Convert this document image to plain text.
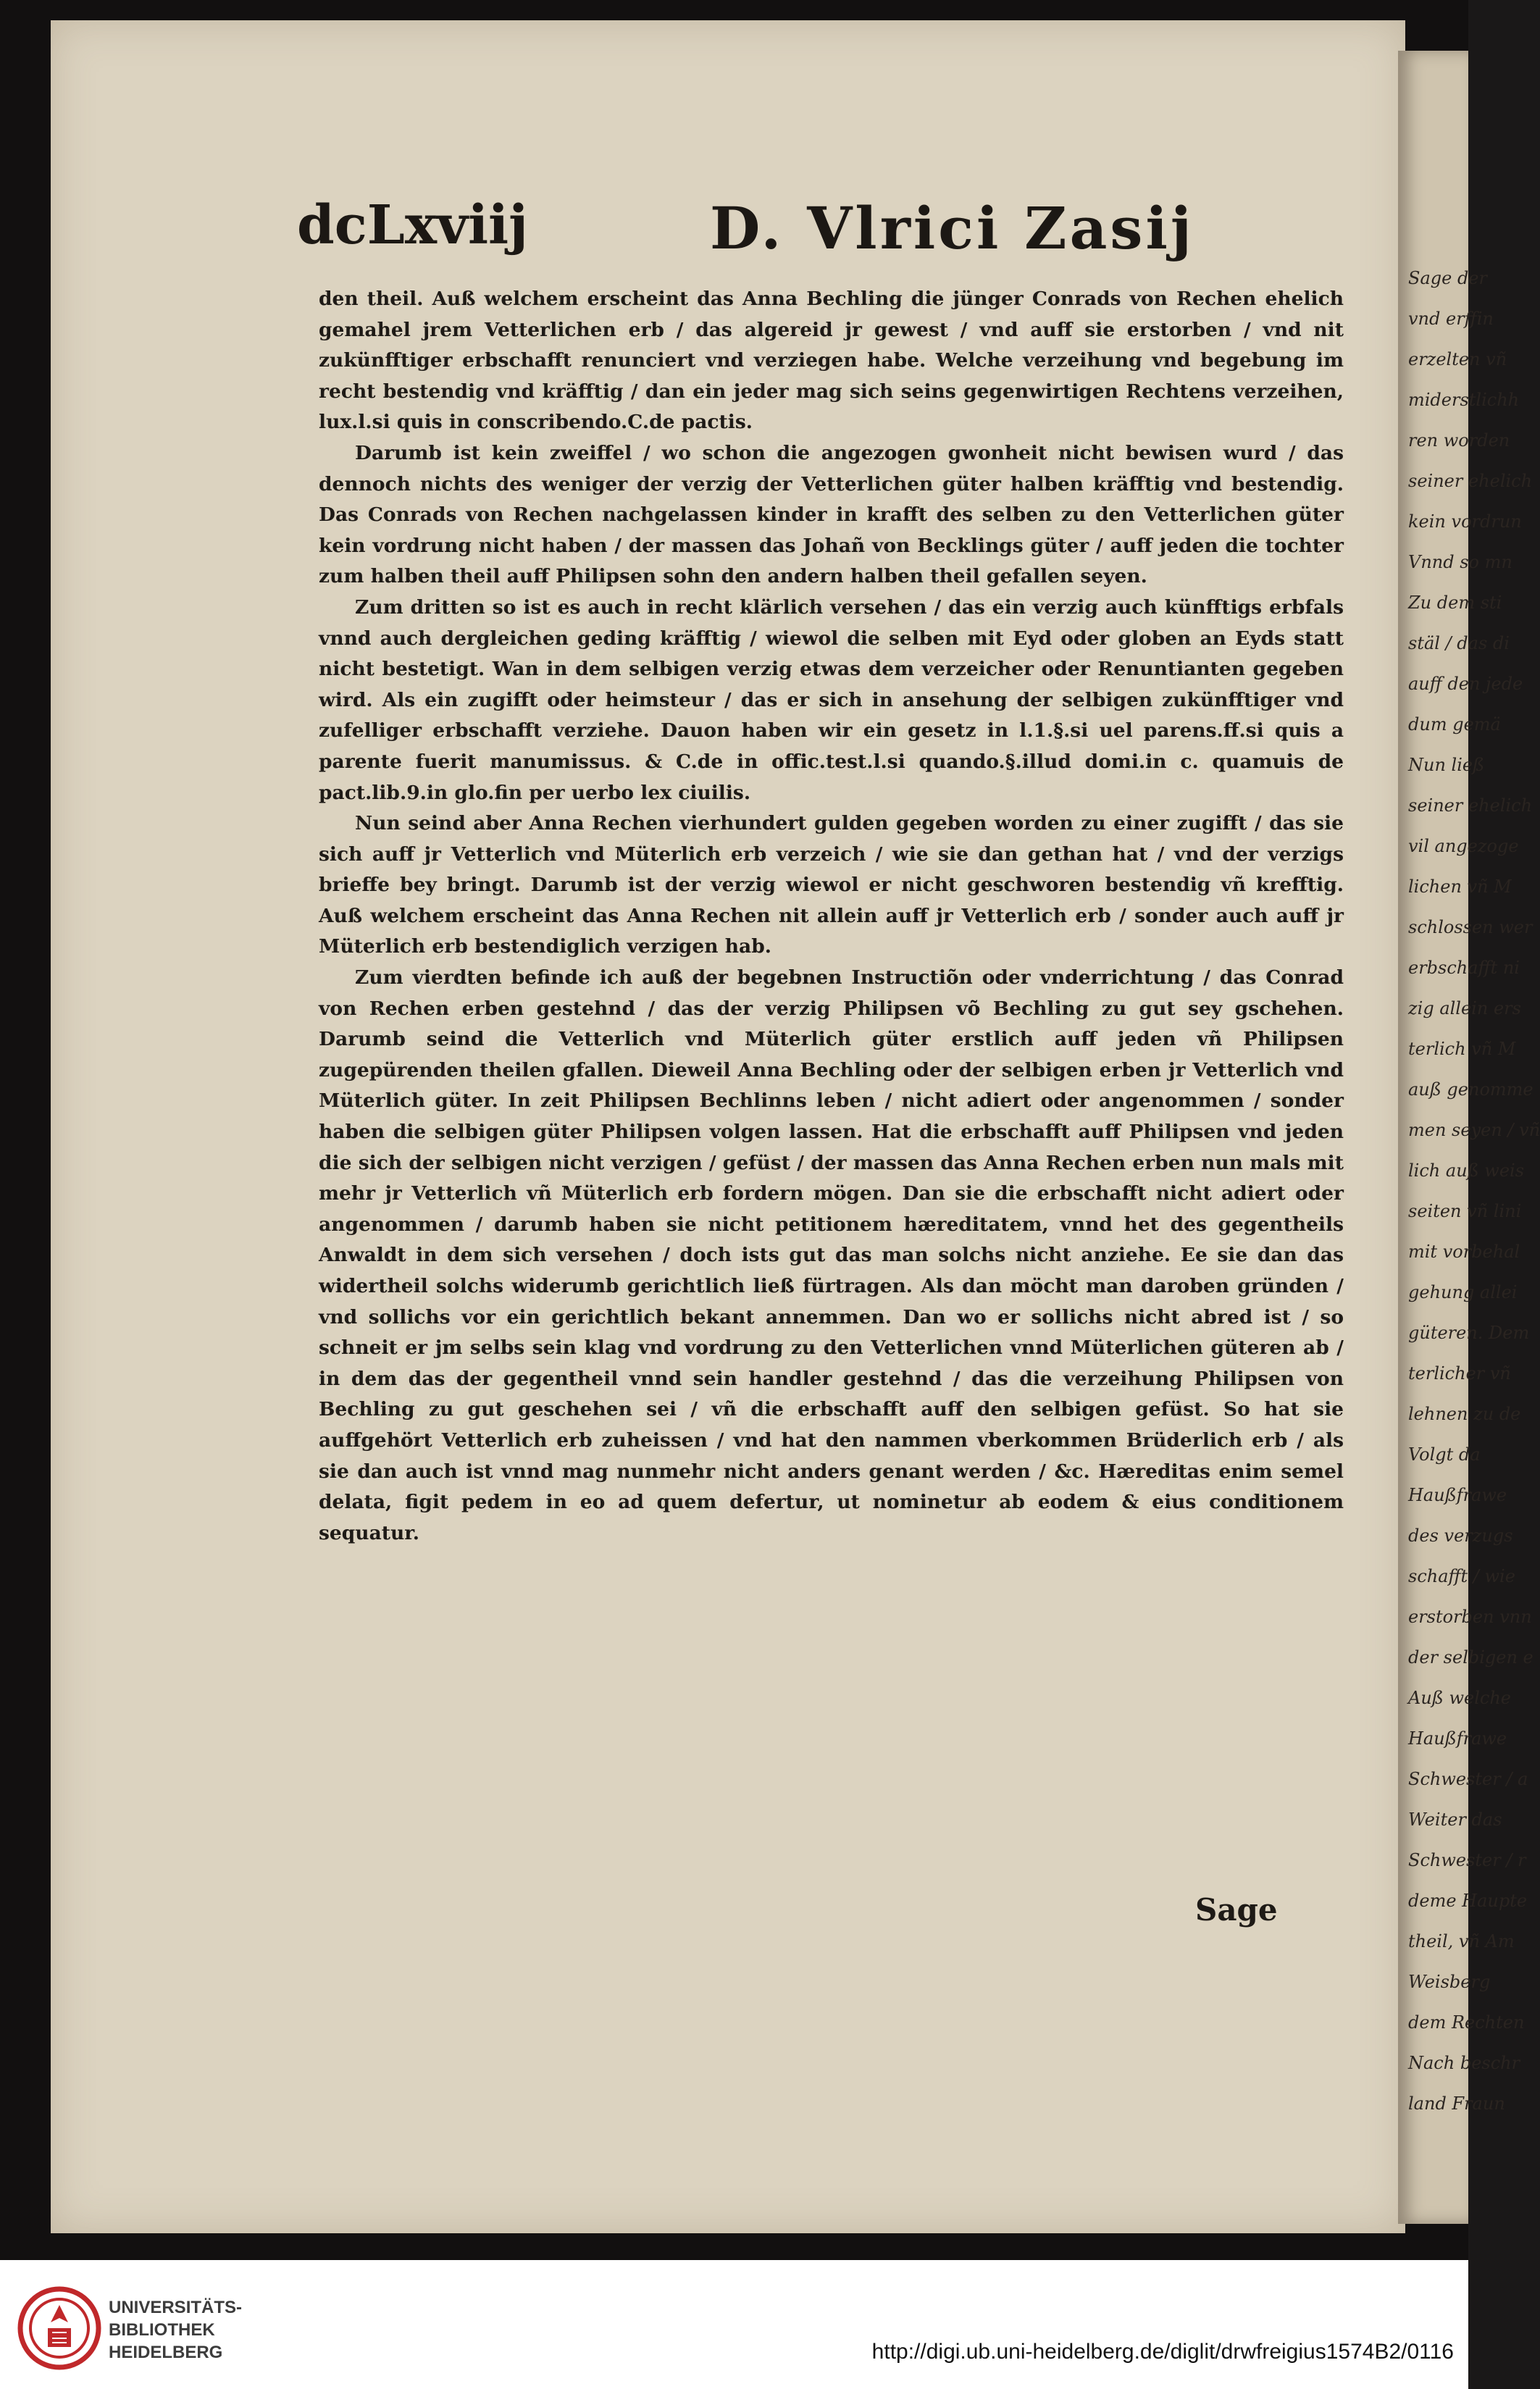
Sage der
vnd erffin
erzelten vñ
miderstlichh
ren worden
seiner ehelich
kein vordrun
Vnnd so mn
Zu dem sti
stäl / das di
auff den jede
dum gemä
Nun ließ
seiner ehelich
vil angezoge
lichen vñ M
schlossen wer
erbschafft ni
zig allein ers
terlich vñ M
auß genomme
men seyen / vñ
lich auß weis
seiten vñ lini
mit vorbehal
gehung allei
güteren. Dem
terlicher vñ
lehnen zu de
Volgt da
Haußfrawe
des verzugs
schafft / wie
erstorben vnn
der selbigen e
Auß welche
Haußfrawe
Schwester / a
Weiter das
Schwester / r
deme Haupte
theil, vñ Am
Weisberg
dem Rechten
Nach beschr
land Fraun
dcLxviij	D. Vlrici Zasij

den theil. Auß welchem erscheint das Anna Bechling die jünger Conrads von Rechen ehelich gemahel jrem Vetterlichen erb / das algereid jr gewest / vnd auff sie erstorben / vnd nit zukünfftiger erbschafft renunciert vnd verziegen habe. Welche verzeihung vnd begebung im recht bestendig vnd kräfftig / dan ein jeder mag sich seins gegenwirtigen Rechtens verzeihen, lux.l.si quis in conscribendo.C.de pactis.

Darumb ist kein zweiffel / wo schon die angezogen gwonheit nicht bewisen wurd / das dennoch nichts des weniger der verzig der Vetterlichen güter halben kräfftig vnd bestendig. Das Conrads von Rechen nachgelassen kinder in krafft des selben zu den Vetterlichen güter kein vordrung nicht haben / der massen das Johañ von Becklings güter / auff jeden die tochter zum halben theil auff Philipsen sohn den andern halben theil gefallen seyen.

Zum dritten so ist es auch in recht klärlich versehen / das ein verzig auch künfftigs erbfals vnnd auch dergleichen geding kräfftig / wiewol die selben mit Eyd oder globen an Eyds statt nicht bestetigt. Wan in dem selbigen verzig etwas dem verzeicher oder Renuntianten gegeben wird. Als ein zugifft oder heimsteur / das er sich in ansehung der selbigen zukünfftiger vnd zufelliger erbschafft verziehe. Dauon haben wir ein gesetz in l.1.§.si uel parens.ff.si quis a parente fuerit manumissus. & C.de in offic.test.l.si quando.§.illud domi.in c. quamuis de pact.lib.9.in glo.fin per uerbo lex ciuilis.

Nun seind aber Anna Rechen vierhundert gulden gegeben worden zu einer zugifft / das sie sich auff jr Vetterlich vnd Müterlich erb verzeich / wie sie dan gethan hat / vnd der verzigs brieffe bey bringt. Darumb ist der verzig wiewol er nicht geschworen bestendig vñ krefftig. Auß welchem erscheint das Anna Rechen nit allein auff jr Vetterlich erb / sonder auch auff jr Müterlich erb bestendiglich verzigen hab.

Zum vierdten befinde ich auß der begebnen Instructiõn oder vnderrichtung / das Conrad von Rechen erben gestehnd / das der verzig Philipsen võ Bechling zu gut sey gschehen. Darumb seind die Vetterlich vnd Müterlich güter erstlich auff jeden vñ Philipsen zugepürenden theilen gfallen. Dieweil Anna Bechling oder der selbigen erben jr Vetterlich vnd Müterlich güter. In zeit Philipsen Bechlinns leben / nicht adiert oder angenommen / sonder haben die selbigen güter Philipsen volgen lassen. Hat die erbschafft auff Philipsen vnd jeden die sich der selbigen nicht verzigen / gefüst / der massen das Anna Rechen erben nun mals mit mehr jr Vetterlich vñ Müterlich erb fordern mögen. Dan sie die erbschafft nicht adiert oder angenommen / darumb haben sie nicht petitionem hæreditatem, vnnd het des gegentheils Anwaldt in dem sich versehen / doch ists gut das man solchs nicht anziehe. Ee sie dan das widertheil solchs widerumb gerichtlich ließ fürtragen. Als dan möcht man daroben gründen / vnd sollichs vor ein gerichtlich bekant annemmen. Dan wo er sollichs nicht abred ist / so schneit er jm selbs sein klag vnd vordrung zu den Vetterlichen vnnd Müterlichen güteren ab / in dem das der gegentheil vnnd sein handler gestehnd / das die verzeihung Philipsen von Bechling zu gut geschehen sei / vñ die erbschafft auff den selbigen gefüst. So hat sie auffgehört Vetterlich erb zuheissen / vnd hat den nammen vberkommen Brüderlich erb / als sie dan auch ist vnnd mag nunmehr nicht anders genant werden / &c. Hæreditas enim semel delata, figit pedem in eo ad quem defertur, ut nominetur ab eodem & eius conditionem sequatur.

Sage
UNIVERSITÄTS-
BIBLIOTHEK
HEIDELBERG	http://digi.ub.uni-heidelberg.de/diglit/drwfreigius1574B2/0116
